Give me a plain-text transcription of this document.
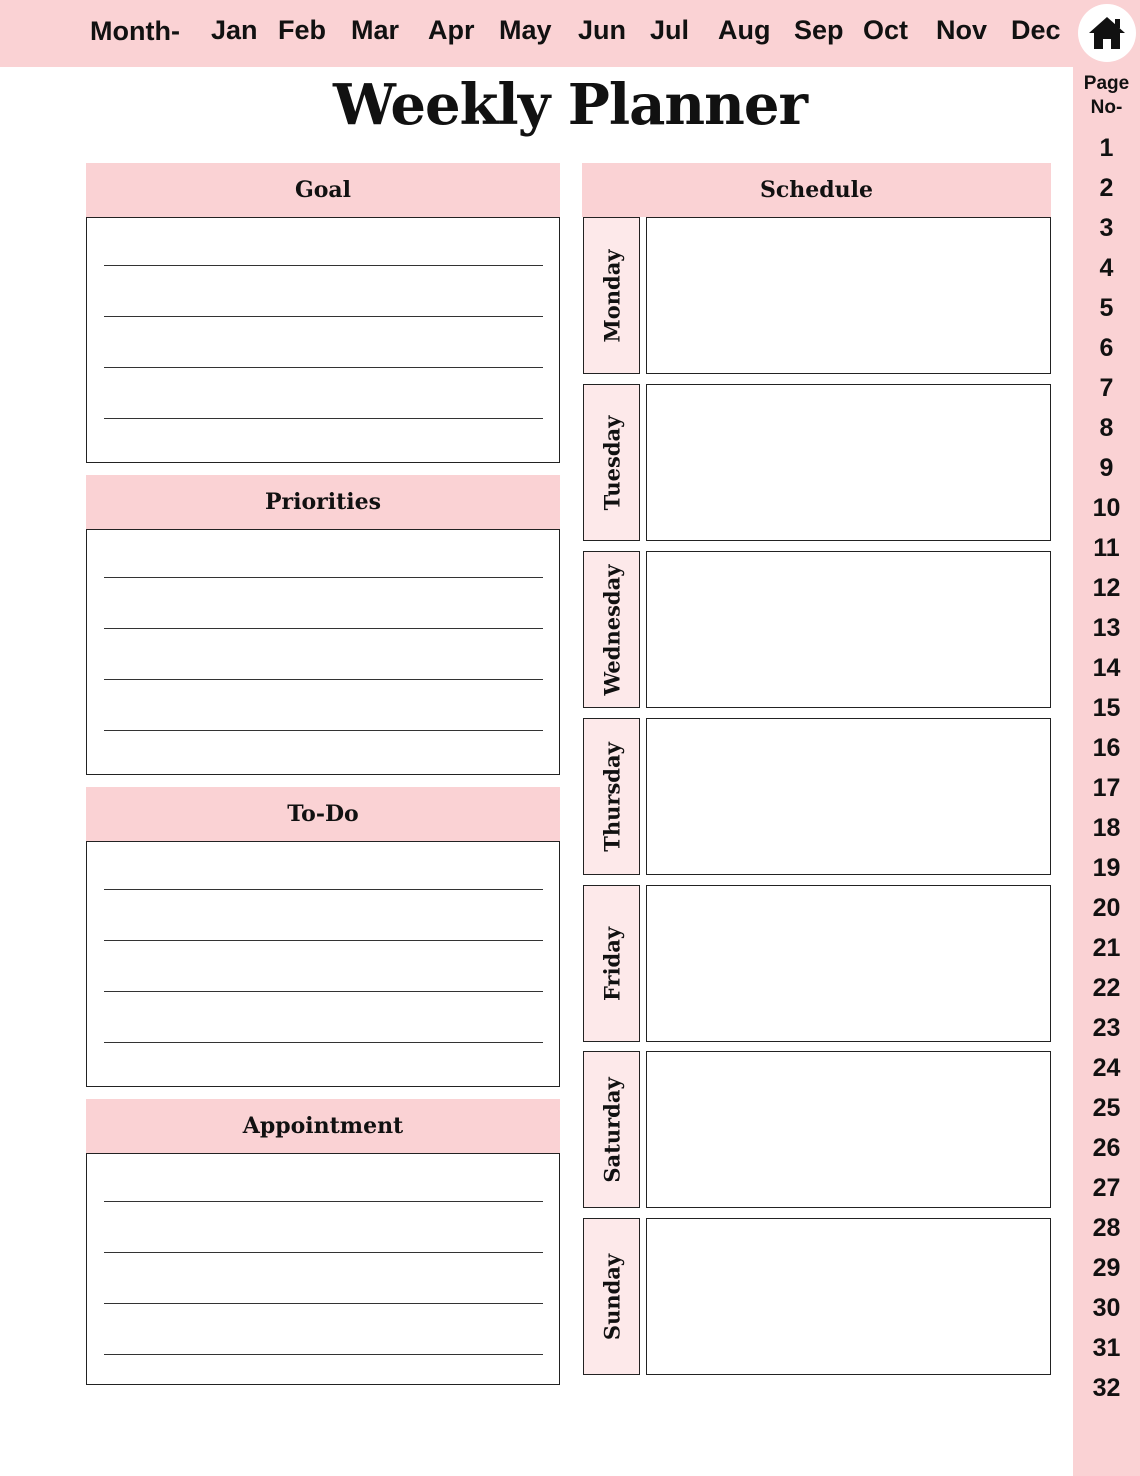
Month- Jan Feb Mar Apr May Jun Jul Aug Sep Oct Nov Dec
Page
No-
1
2
3
4
5
6
7
8
9
10
11
12
13
14
15
16
17
18
19
20
21
22
23
24
25
26
27
28
29
30
31
32
Weekly Planner
Goal
Priorities
To-Do
Appointment
Schedule
Monday
Tuesday
Wednesday
Thursday
Friday
Saturday
Sunday
